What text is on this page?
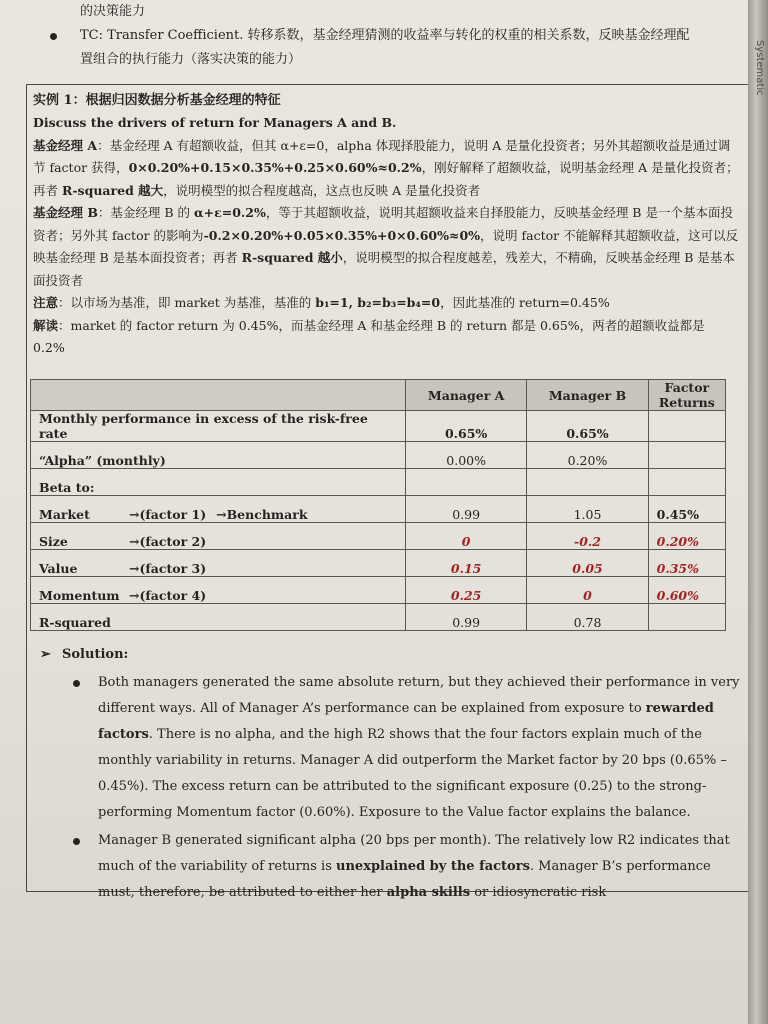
的决策能力
TC: Transfer Coefficient. 转移系数，基金经理猜测的收益率与转化的权重的相关系数，反映基金经理配
置组合的执行能力（落实决策的能力）
实例 1：根据归因数据分析基金经理的特征

Discuss the drivers of return for Managers A and B.

基金经理 A：基金经理 A 有超额收益，但其 α+ε=0，alpha 体现择股能力，说明 A 是量化投资者；另外其超额收益是通过调节 factor 获得，0×0.20%+0.15×0.35%+0.25×0.60%≈0.2%，刚好解释了超额收益，说明基金经理 A 是量化投资者；再者 R-squared 越大，说明模型的拟合程度越高，这点也反映 A 是量化投资者

基金经理 B：基金经理 B 的 α+ε=0.2%，等于其超额收益，说明其超额收益来自择股能力，反映基金经理 B 是一个基本面投资者；另外其 factor 的影响为-0.2×0.20%+0.05×0.35%+0×0.60%≈0%，说明 factor 不能解释其超额收益，这可以反映基金经理 B 是基本面投资者；再者 R-squared 越小，说明模型的拟合程度越差，残差大，不精确，反映基金经理 B 是基本面投资者

注意：以市场为基准，即 market 为基准，基准的 b₁=1, b₂=b₃=b₄=0，因此基准的 return=0.45%

解读：market 的 factor return 为 0.45%，而基金经理 A 和基金经理 B 的 return 都是 0.65%，两者的超额收益都是 0.2%

	Manager A	Manager B	Factor Returns
Monthly performance in excess of the risk-free rate	0.65%	0.65%	
“Alpha” (monthly)	0.00%	0.20%	
Beta to:			
Market →(factor 1) →Benchmark	0.99	1.05	0.45%
Size →(factor 2)	0	-0.2	0.20%
Value →(factor 3)	0.15	0.05	0.35%
Momentum →(factor 4)	0.25	0	0.60%
R-squared	0.99	0.78	
➢ Solution:
Both managers generated the same absolute return, but they achieved their performance in very different ways. All of Manager A’s performance can be explained from exposure to rewarded factors. There is no alpha, and the high R2 shows that the four factors explain much of the monthly variability in returns. Manager A did outperform the Market factor by 20 bps (0.65% – 0.45%). The excess return can be attributed to the significant exposure (0.25) to the strong-performing Momentum factor (0.60%). Exposure to the Value factor explains the balance.
Manager B generated significant alpha (20 bps per month). The relatively low R2 indicates that much of the variability of returns is unexplained by the factors. Manager B’s performance must, therefore, be attributed to either her alpha skills or idiosyncratic risk
Systematic
